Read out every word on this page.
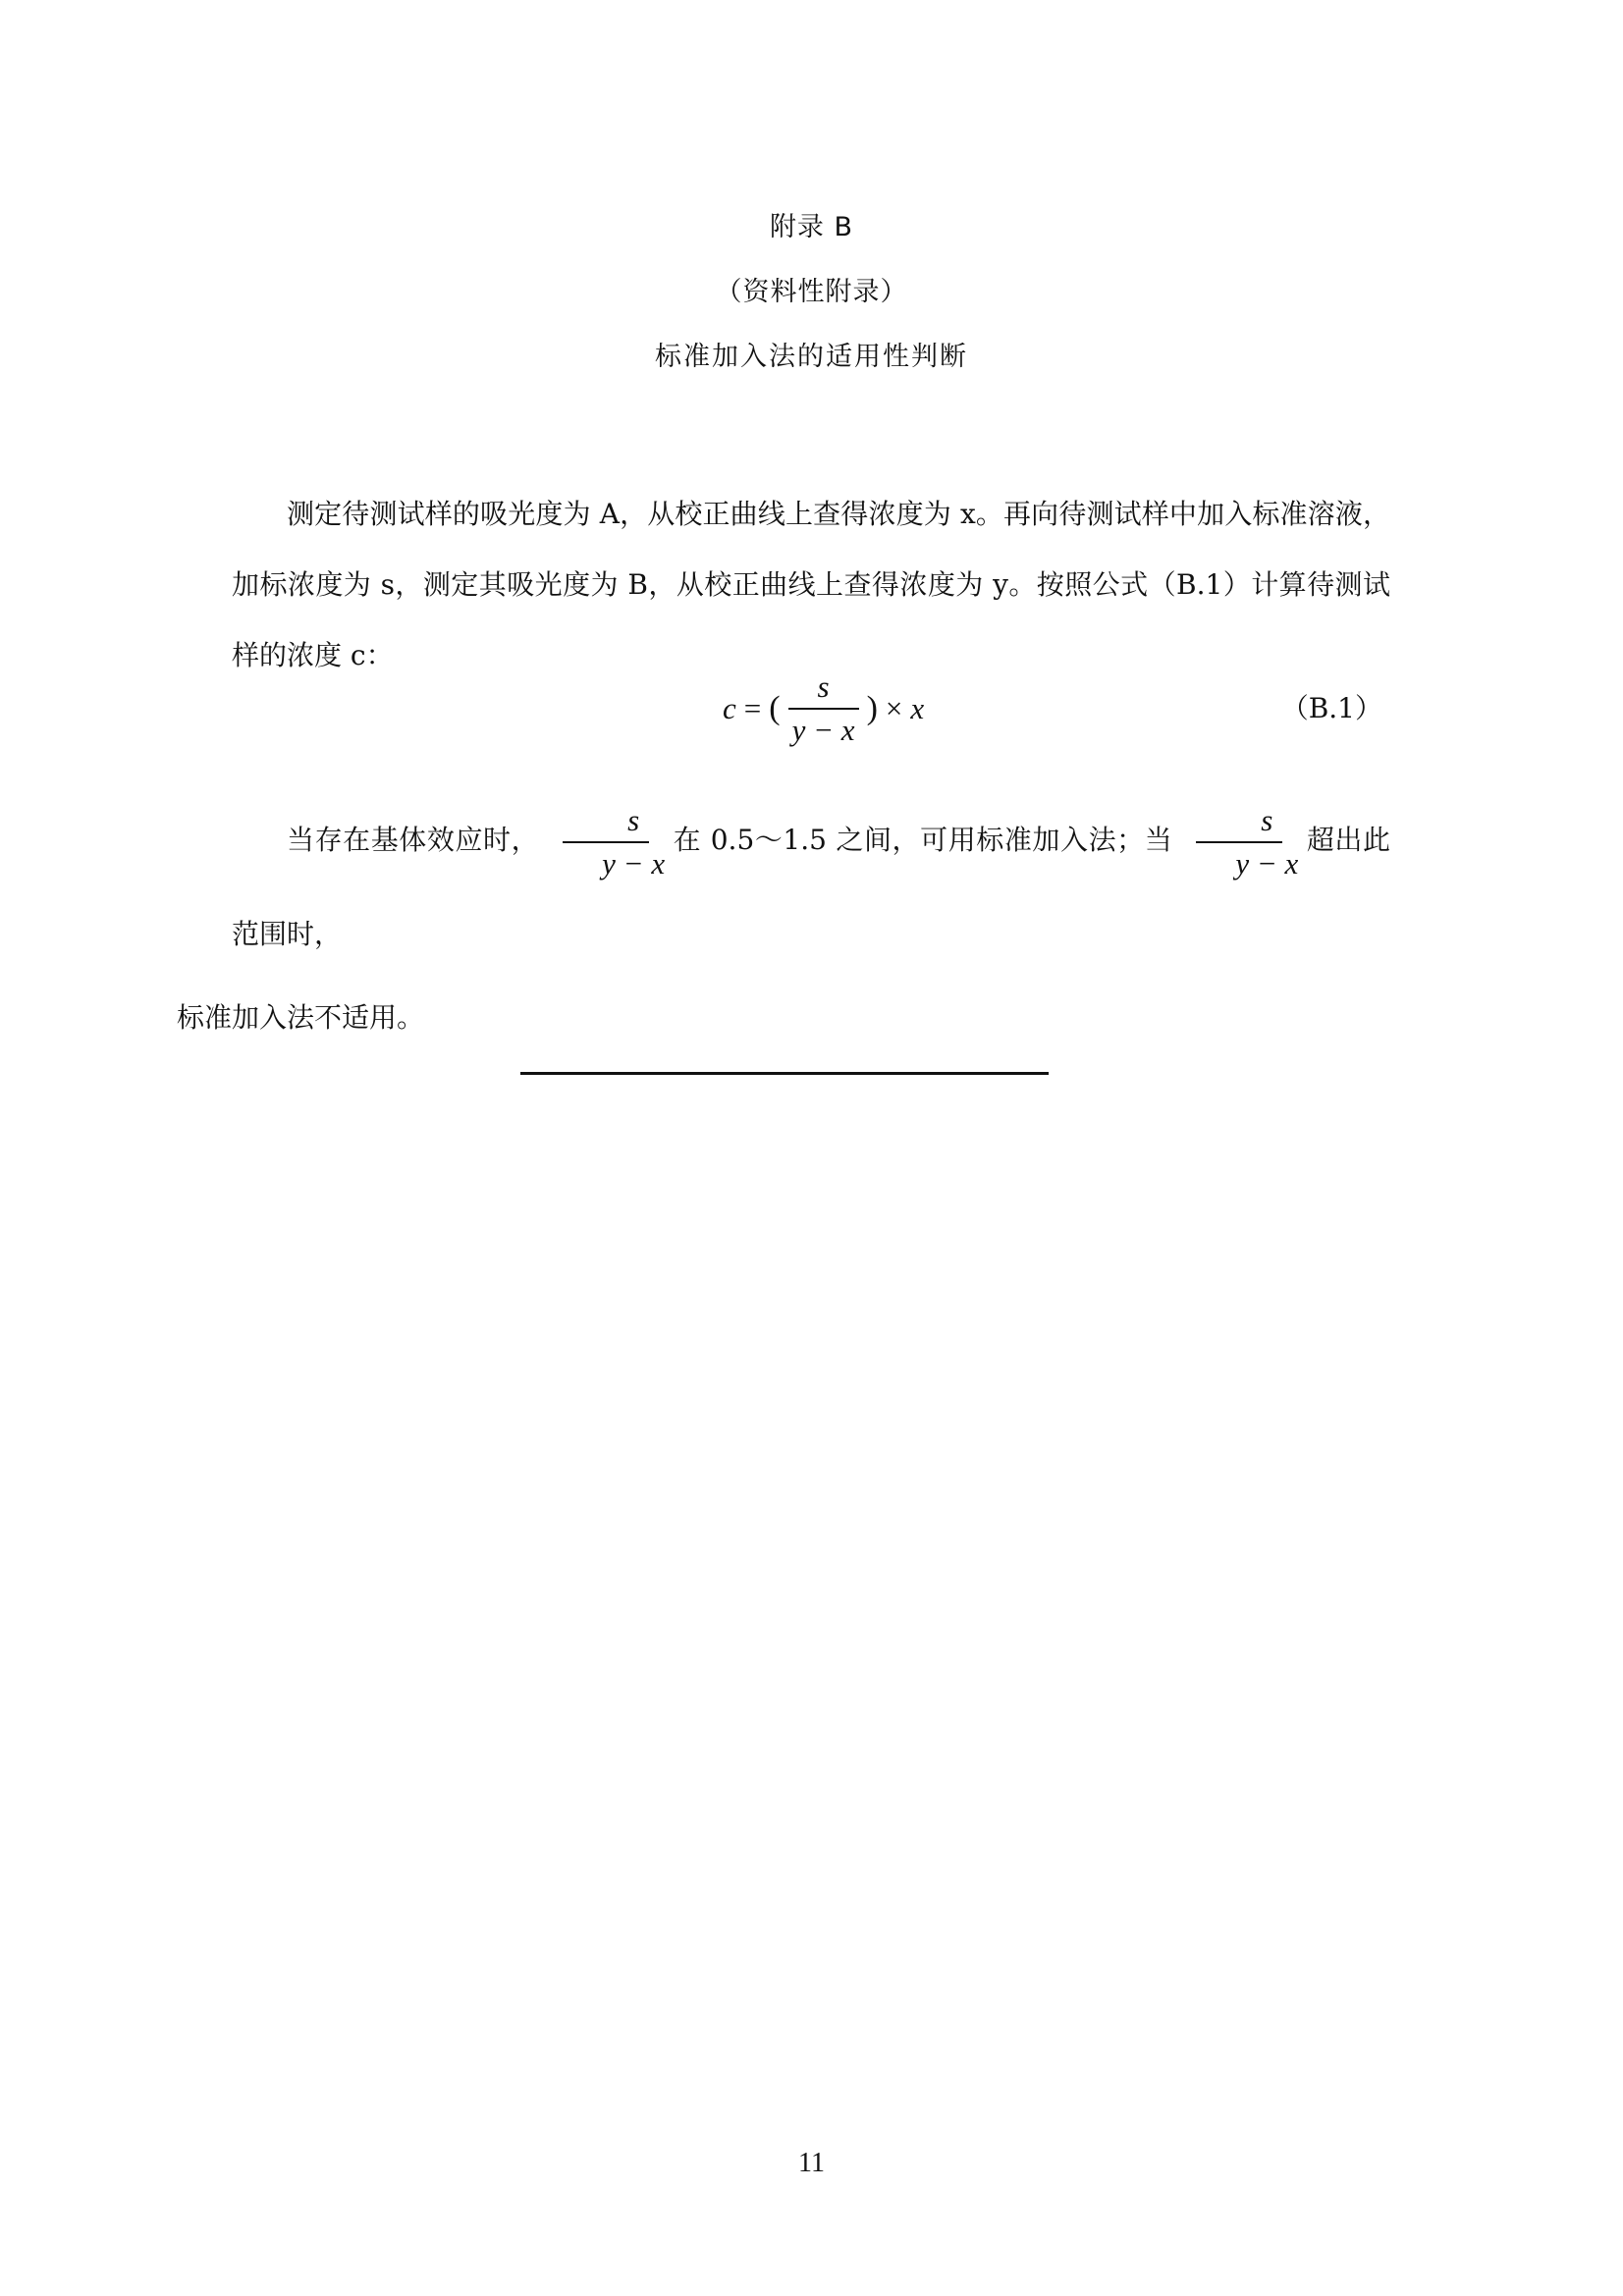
附录 B
（资料性附录）
标准加入法的适用性判断

测定待测试样的吸光度为 A，从校正曲线上查得浓度为 x。再向待测试样中加入标准溶液，加标浓度为 s，测定其吸光度为 B，从校正曲线上查得浓度为 y。按照公式（B.1）计算待测试样的浓度 c：

c = ( $\frac{s}{y - x}$ ) × x	（B.1）
当存在基体效应时， $\frac{s}{y - x}$ 在 0.5～1.5 之间，可用标准加入法；当 $\frac{s}{y - x}$ 超出此范围时，
标准加入法不适用。
11
